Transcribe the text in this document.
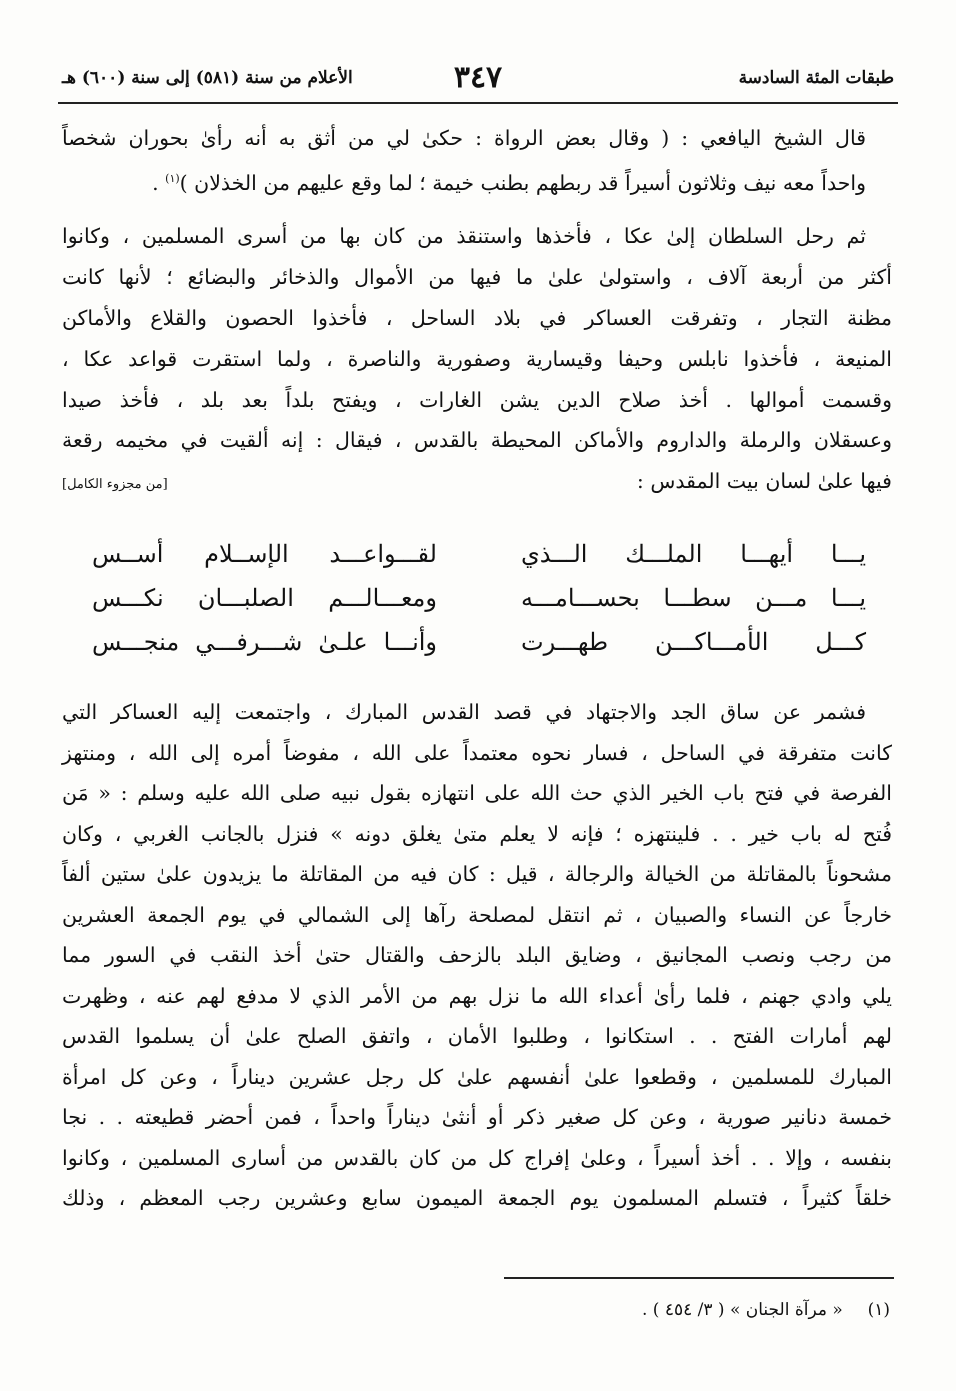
طبقات المئة السادسة
٣٤٧
الأعلام من سنة (٥٨١) إلى سنة (٦٠٠) هـ
قال الشيخ اليافعي : ( وقال بعض الرواة : حكىٰ لي من أثق به أنه رأىٰ بحوران شخصاً
واحداً معه نيف وثلاثون أسيراً قد ربطهم بطنب خيمة ؛ لما وقع عليهم من الخذلان )$^{(١)}$ .
ثم رحل السلطان إلىٰ عكا ، فأخذها واستنقذ من كان بها من أسرى المسلمين ، وكانوا
أكثر من أربعة آلاف ، واستولىٰ علىٰ ما فيها من الأموال والذخائر والبضائع ؛ لأنها كانت
مظنة التجار ، وتفرقت العساكر في بلاد الساحل ، فأخذوا الحصون والقلاع والأماكن
المنيعة ، فأخذوا نابلس وحيفا وقيسارية وصفورية والناصرة ، ولما استقرت قواعد عكا ،
وقسمت أموالها . أخذ صلاح الدين يشن الغارات ، ويفتح بلداً بعد بلد ، فأخذ صيدا
وعسقلان والرملة والداروم والأماكن المحيطة بالقدس ، فيقال : إنه ألقيت في مخيمه رقعة
فيها علىٰ لسان بيت المقدس :
[من مجزوء الكامل]
يـــا أيهـــا الملـــك الـــذي
لقـــواعـــد الإســلام أســس
يـــا مـــن سطـــا بحســـامـــه
ومعـــالـــم الصلبـــان نكـــس
كـــل الأمـــاكـــن طهـــرت
وأنـــا علـىٰ شـــرفـــي منجـــس
فشمر عن ساق الجد والاجتهاد في قصد القدس المبارك ، واجتمعت إليه العساكر التي
كانت متفرقة في الساحل ، فسار نحوه معتمداً على الله ، مفوضاً أمره إلى الله ، ومنتهز
الفرصة في فتح باب الخير الذي حث الله على انتهازه بقول نبيه صلى الله عليه وسلم : « مَن
فُتح له باب خير . . فلينتهزه ؛ فإنه لا يعلم متىٰ يغلق دونه » فنزل بالجانب الغربي ، وكان
مشحوناً بالمقاتلة من الخيالة والرجالة ، قيل : كان فيه من المقاتلة ما يزيدون علىٰ ستين ألفاً
خارجاً عن النساء والصبيان ، ثم انتقل لمصلحة رآها إلى الشمالي في يوم الجمعة العشرين
من رجب ونصب المجانيق ، وضايق البلد بالزحف والقتال حتىٰ أخذ النقب في السور مما
يلي وادي جهنم ، فلما رأىٰ أعداء الله ما نزل بهم من الأمر الذي لا مدفع لهم عنه ، وظهرت
لهم أمارات الفتح . . استكانوا ، وطلبوا الأمان ، واتفق الصلح علىٰ أن يسلموا القدس
المبارك للمسلمين ، وقطعوا علىٰ أنفسهم علىٰ كل رجل عشرين ديناراً ، وعن كل امرأة
خمسة دنانير صورية ، وعن كل صغير ذكر أو أنثىٰ ديناراً واحداً ، فمن أحضر قطيعته . . نجا
بنفسه ، وإلا . . أخذ أسيراً ، وعلىٰ إفراج كل من كان بالقدس من أسارى المسلمين ، وكانوا
خلقاً كثيراً ، فتسلم المسلمون يوم الجمعة الميمون سابع وعشرين رجب المعظم ، وذلك
(١)  « مرآة الجنان » ( ٣/ ٤٥٤ ) .
